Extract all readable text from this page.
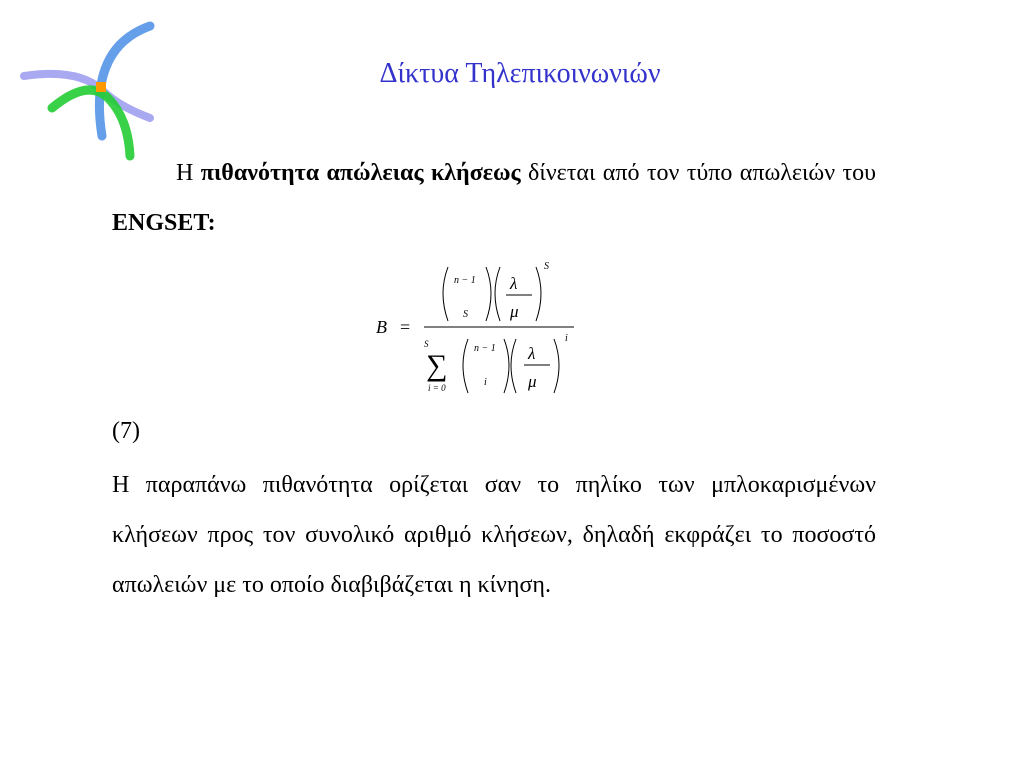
Δίκτυα Τηλεπικοινωνιών
Η πιθανότητα απώλειας κλήσεως δίνεται από τον τύπο απωλειών του ENGSET:
B =
n − 1
S
λ
μ
S
S
∑
i = 0
n − 1
i
λ
μ
i
(7)
Η παραπάνω πιθανότητα ορίζεται σαν το πηλίκο των μπλοκαρισμένων κλήσεων προς τον συνολικό αριθμό κλήσεων, δηλαδή εκφράζει το ποσοστό απωλειών με το οποίο διαβιβάζεται η κίνηση.
